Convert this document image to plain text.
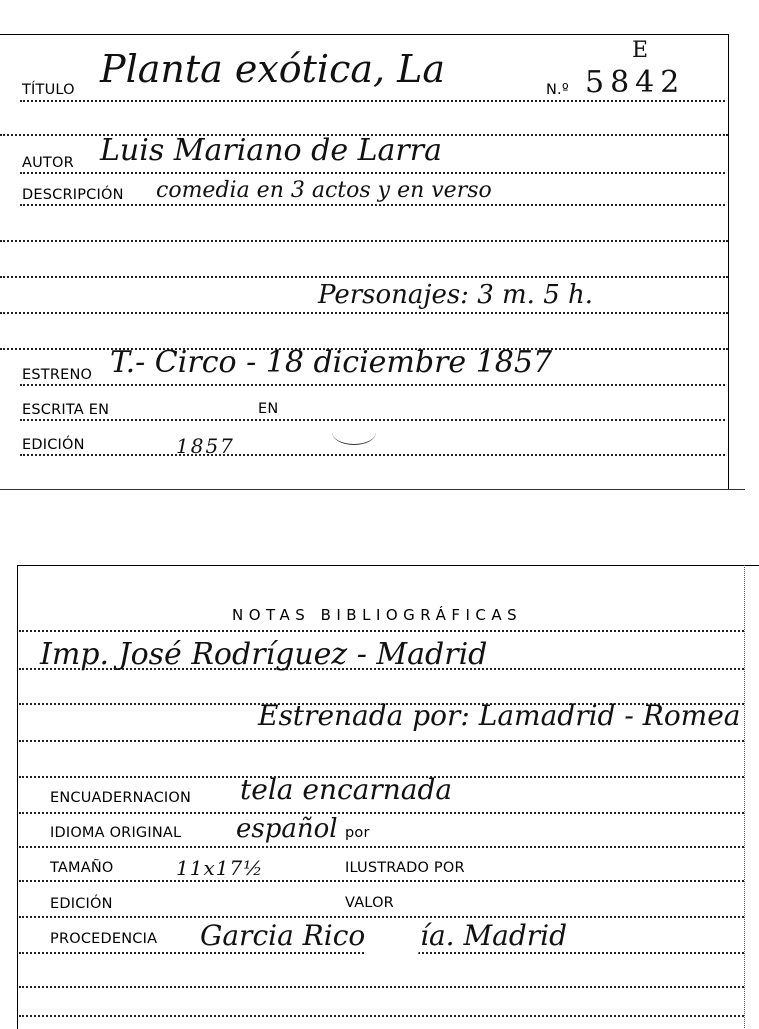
TÍTULO Planta exótica, La	N.º 5842
E
AUTOR Luis Mariano de Larra
DESCRIPCIÓN comedia en 3 actos y en verso
Personajes: 3 m. 5 h.
ESTRENO T.- Circo - 18 diciembre 1857
ESCRITA EN	EN
EDICIÓN	1857
NOTAS BIBLIOGRÁFICAS
Imp. José Rodríguez - Madrid
Estrenada por: Lamadrid - Romea
ENCUADERNACION tela encarnada
IDIOMA ORIGINAL español por
TAMAÑO	11x17½	ILUSTRADO POR
EDICIÓN	VALOR
PROCEDENCIA Garcia Rico ía. Madrid
